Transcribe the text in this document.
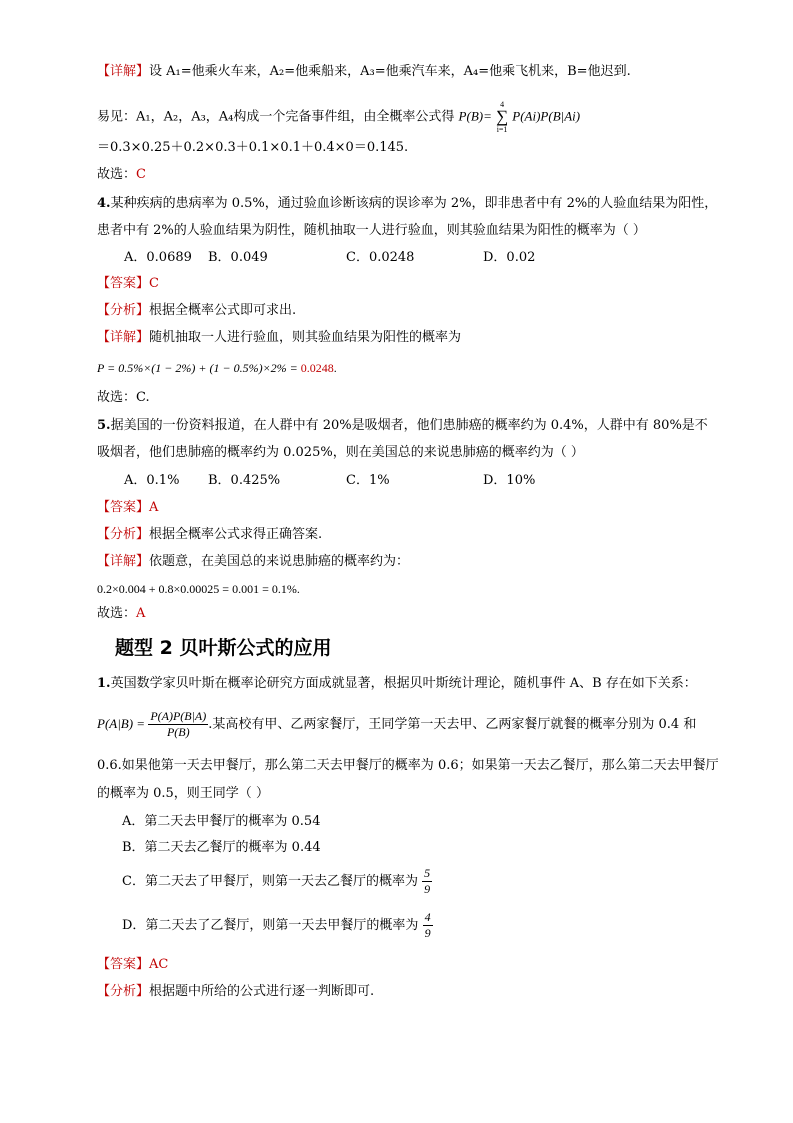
【详解】设 A₁=他乘火车来，A₂=他乘船来，A₃=他乘汽车来，A₄=他乘飞机来，B=他迟到.
易见：A₁，A₂，A₃，A₄构成一个完备事件组，由全概率公式得 P(B)=
4
∑
i=1
P(Ai)P(B|Ai)
＝0.3×0.25＋0.2×0.3＋0.1×0.1＋0.4×0＝0.145.
故选：C
4.某种疾病的患病率为 0.5%，通过验血诊断该病的误诊率为 2%，即非患者中有 2%的人验血结果为阳性，
患者中有 2%的人验血结果为阴性，随机抽取一人进行验血，则其验血结果为阳性的概率为（ ）
A．0.0689 B．0.049	C．0.0248	D．0.02
【答案】C
【分析】根据全概率公式即可求出.
【详解】随机抽取一人进行验血，则其验血结果为阳性的概率为
P = 0.5%×(1 − 2%) + (1 − 0.5%)×2% = 0.0248.
故选：C.
5.据美国的一份资料报道，在人群中有 20%是吸烟者，他们患肺癌的概率约为 0.4%，人群中有 80%是不
吸烟者，他们患肺癌的概率约为 0.025%，则在美国总的来说患肺癌的概率约为（ ）
A．0.1% B．0.425%	C．1%	D．10%
【答案】A
【分析】根据全概率公式求得正确答案.
【详解】依题意，在美国总的来说患肺癌的概率约为：
0.2×0.004 + 0.8×0.00025 = 0.001 = 0.1%.
故选：A
题型 2 贝叶斯公式的应用
1.英国数学家贝叶斯在概率论研究方面成就显著，根据贝叶斯统计理论，随机事件 A、B 存在如下关系：
$P(A|B) = \frac{P(A)P(B|A)}{P(B)}$ .某高校有甲、乙两家餐厅，王同学第一天去甲、乙两家餐厅就餐的概率分别为 0.4 和
0.6.如果他第一天去甲餐厅，那么第二天去甲餐厅的概率为 0.6；如果第一天去乙餐厅，那么第二天去甲餐厅
的概率为 0.5，则王同学（ ）
A．第二天去甲餐厅的概率为 0.54
B．第二天去乙餐厅的概率为 0.44
C．第二天去了甲餐厅，则第一天去乙餐厅的概率为 $\frac{5}{9}$
D．第二天去了乙餐厅，则第一天去甲餐厅的概率为 $\frac{4}{9}$
【答案】AC
【分析】根据题中所给的公式进行逐一判断即可.
